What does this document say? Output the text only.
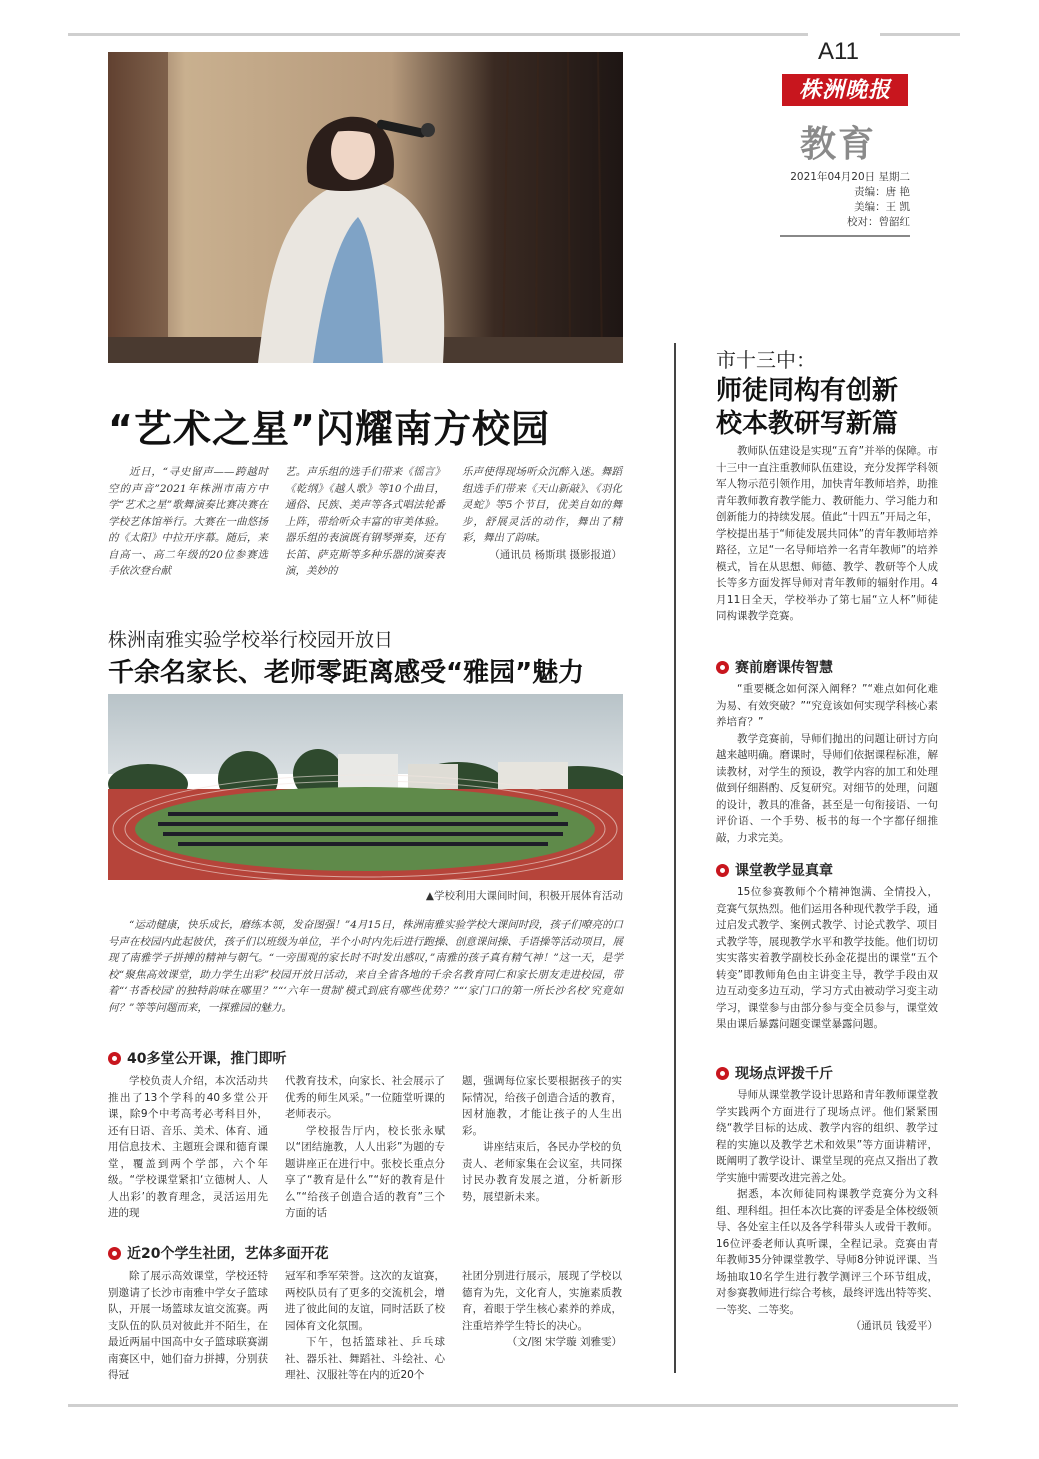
A11
株洲晚报
教育
2021年04月20日 星期二
责编：唐 艳
美编：王 凯
校对：曾韶红
“艺术之星”闪耀南方校园

近日，“寻史留声——跨越时空的声音”2021年株洲市南方中学“艺术之星”歌舞演奏比赛决赛在学校艺体馆举行。大赛在一曲悠扬的《太阳》中拉开序幕。随后，来自高一、高二年级的20位参赛选手依次登台献

艺。声乐组的选手们带来《徭言》《乾纲》《越人歌》等10个曲目，通俗、民族、美声等各式唱法轮番上阵，带给听众丰富的审美体验。器乐组的表演既有钢琴弹奏，还有长笛、萨克斯等多种乐器的演奏表演，美妙的

乐声使得现场听众沉醉入迷。舞蹈组选手们带来《天山新敲》、《羽化灵蛇》等5个节目，优美自如的舞步，舒展灵活的动作，舞出了精彩，舞出了韵味。

（通讯员 杨斯琪 摄影报道）

株洲南雅实验学校举行校园开放日
千余名家长、老师零距离感受“雅园”魅力
▲学校利用大课间时间，积极开展体育活动

“运动健康，快乐成长，磨练本领，发奋图强！”4月15日，株洲南雅实验学校大课间时段，孩子们嘹亮的口号声在校园内此起彼伏，孩子们以班级为单位，半个小时内先后进行跑操、创意课间操、手语操等活动项目，展现了南雅学子拼搏的精神与朝气。“一旁围观的家长时不时发出感叹，”南雅的孩子真有精气神！”这一天，是学校“聚焦高效课堂，助力学生出彩”校园开放日活动，来自全省各地的千余名教育同仁和家长朋友走进校园，带着“‘书香校园’的独特韵味在哪里？”“‘六年一贯制’模式到底有哪些优势？”“‘家门口的第一所长沙名校’究竟如何？”等等问题而来，一探雅园的魅力。

40多堂公开课，推门即听

学校负责人介绍，本次活动共推出了13个学科的40多堂公开课，除9个中考高考必考科目外，还有日语、音乐、美术、体育、通用信息技术、主题班会课和德育课堂，覆盖到两个学部，六个年级。“学校课堂紧扣‘立德树人、人人出彩’的教育理念，灵活运用先进的现

代教育技术，向家长、社会展示了优秀的师生风采。”一位随堂听课的老师表示。

学校报告厅内，校长张永赋以“团结施教，人人出彩”为题的专题讲座正在进行中。张校长重点分享了“教育是什么”“好的教育是什么”“给孩子创造合适的教育”三个方面的话

题，强调每位家长要根据孩子的实际情况，给孩子创造合适的教育，因材施教，才能让孩子的人生出彩。

讲座结束后，各民办学校的负责人、老师家集在会议室，共同探讨民办教育发展之道，分析新形势，展望新未来。

近20个学生社团，艺体多面开花

除了展示高效课堂，学校还特别邀请了长沙市南雅中学女子篮球队，开展一场篮球友谊交流赛。两支队伍的队员对彼此并不陌生，在最近两届中国高中女子篮球联赛湖南赛区中，她们奋力拼搏，分别获得冠

冠军和季军荣誉。这次的友谊赛，两校队员有了更多的交流机会，增进了彼此间的友谊，同时活跃了校园体育文化氛围。

下午，包括篮球社、乒乓球社、器乐社、舞蹈社、斗绘社、心理社、汉服社等在内的近20个

社团分别进行展示，展现了学校以德育为先，文化育人，实施素质教育，着眼于学生核心素养的养成，注重培养学生特长的决心。

（文/图 宋学璇 刘雅雯）

市十三中：
师徒同构有创新
校本教研写新篇

教师队伍建设是实现“五育”并举的保障。市十三中一直注重教师队伍建设，充分发挥学科领军人物示范引领作用，加快青年教师培养，助推青年教师教育教学能力、教研能力、学习能力和创新能力的持续发展。值此“十四五”开局之年，学校提出基于“师徒发展共同体”的青年教师培养路径，立足“一名导师培养一名青年教师”的培养模式，旨在从思想、师德、教学、教研等个人成长等多方面发挥导师对青年教师的辐射作用。4月11日全天，学校举办了第七届“立人杯”师徒同构课教学竞赛。

赛前磨课传智慧

“重要概念如何深入阐释？”“难点如何化难为易、有效突破？”“究竟该如何实现学科核心素养培育？”

教学竞赛前，导师们抛出的问题让研讨方向越来越明确。磨课时，导师们依据课程标准，解读教材，对学生的预设，教学内容的加工和处理做到仔细斟酌、反复研究。对细节的处理，问题的设计，教具的准备，甚至是一句衔接语、一句评价语、一个手势、板书的每一个字都仔细推敲，力求完美。

课堂教学显真章

15位参赛教师个个精神饱满、全情投入，竞赛气氛热烈。他们运用各种现代教学手段，通过启发式教学、案例式教学、讨论式教学、项目式教学等，展现教学水平和教学技能。他们切切实实落实着教学副校长孙金花提出的课堂“五个转变”即教师角色由主讲变主导，教学手段由双边互动变多边互动，学习方式由被动学习变主动学习，课堂参与由部分参与变全员参与，课堂效果由课后暴露问题变课堂暴露问题。

现场点评拨千斤

导师从课堂教学设计思路和青年教师课堂教学实践两个方面进行了现场点评。他们紧紧围绕“教学目标的达成、教学内容的组织、教学过程的实施以及教学艺术和效果”等方面讲精评，既阐明了教学设计、课堂呈现的亮点又指出了教学实施中需要改进完善之处。

据悉，本次师徒同构课教学竞赛分为文科组、理科组。担任本次比赛的评委是全体校级领导、各处室主任以及各学科带头人或骨干教师。16位评委老师认真听课，全程记录。竞赛由青年教师35分钟课堂教学、导师8分钟说评课、当场抽取10名学生进行教学测评三个环节组成，对参赛教师进行综合考核，最终评选出特等奖、一等奖、二等奖。

（通讯员 钱爱平）
